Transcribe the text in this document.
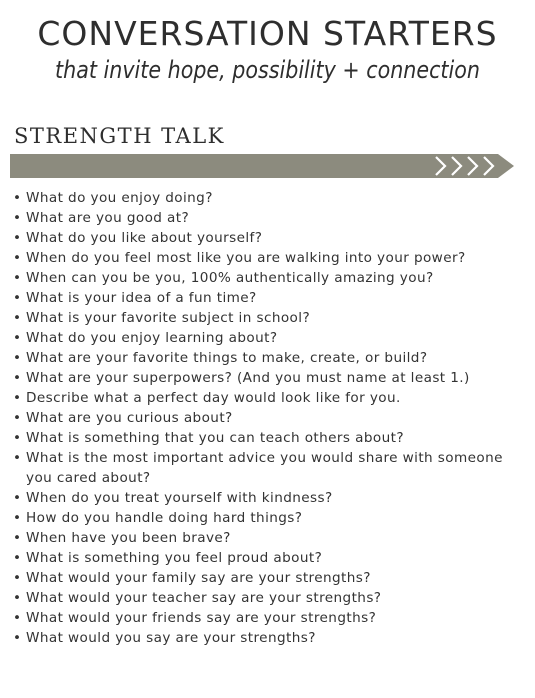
CONVERSATION STARTERS
that invite hope, possibility + connection
STRENGTH TALK
• What do you enjoy doing?
• What are you good at?
• What do you like about yourself?
• When do you feel most like you are walking into your power?
• When can you be you, 100% authentically amazing you?
• What is your idea of a fun time?
• What is your favorite subject in school?
• What do you enjoy learning about?
• What are your favorite things to make, create, or build?
• What are your superpowers? (And you must name at least 1.)
• Describe what a perfect day would look like for you.
• What are you curious about?
• What is something that you can teach others about?
• What is the most important advice you would share with someone you cared about?
• When do you treat yourself with kindness?
• How do you handle doing hard things?
• When have you been brave?
• What is something you feel proud about?
• What would your family say are your strengths?
• What would your teacher say are your strengths?
• What would your friends say are your strengths?
• What would you say are your strengths?
